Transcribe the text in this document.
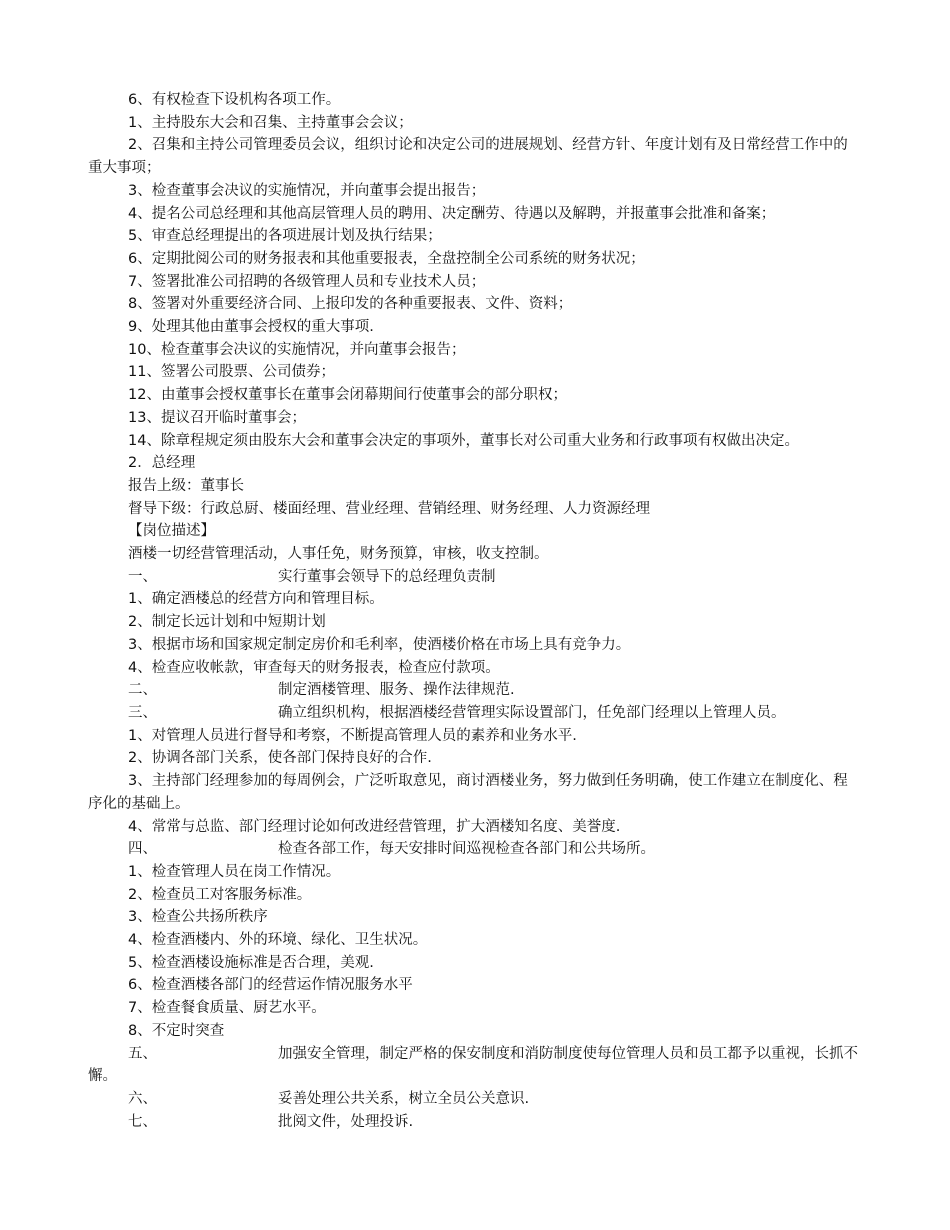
6、有权检查下设机构各项工作。

1、主持股东大会和召集、主持董事会会议；

2、召集和主持公司管理委员会议，组织讨论和决定公司的进展规划、经营方针、年度计划有及日常经营工作中的重大事项；

3、检查董事会决议的实施情况，并向董事会提出报告；

4、提名公司总经理和其他高层管理人员的聘用、决定酬劳、待遇以及解聘，并报董事会批准和备案；

5、审查总经理提出的各项进展计划及执行结果；

6、定期批阅公司的财务报表和其他重要报表，全盘控制全公司系统的财务状况；

7、签署批准公司招聘的各级管理人员和专业技术人员；

8、签署对外重要经济合同、上报印发的各种重要报表、文件、资料；

9、处理其他由董事会授权的重大事项.

10、检查董事会决议的实施情况，并向董事会报告；

11、签署公司股票、公司债券；

12、由董事会授权董事长在董事会闭幕期间行使董事会的部分职权；

13、提议召开临时董事会；

14、除章程规定须由股东大会和董事会决定的事项外，董事长对公司重大业务和行政事项有权做出决定。

2．总经理

报告上级：董事长

督导下级：行政总厨、楼面经理、营业经理、营销经理、财务经理、人力资源经理

【岗位描述】

酒楼一切经营管理活动，人事任免，财务预算，审核，收支控制。

一、	实行董事会领导下的总经理负责制

1、确定酒楼总的经营方向和管理目标。

2、制定长远计划和中短期计划

3、根据市场和国家规定制定房价和毛利率，使酒楼价格在市场上具有竞争力。

4、检查应收帐款，审查每天的财务报表，检查应付款项。

二、	制定酒楼管理、服务、操作法律规范.

三、	确立组织机构，根据酒楼经营管理实际设置部门，任免部门经理以上管理人员。

1、对管理人员进行督导和考察，不断提高管理人员的素养和业务水平.

2、协调各部门关系，使各部门保持良好的合作.

3、主持部门经理参加的每周例会，广泛听取意见，商讨酒楼业务，努力做到任务明确，使工作建立在制度化、程序化的基础上。

4、常常与总监、部门经理讨论如何改进经营管理，扩大酒楼知名度、美誉度.

四、	检查各部工作，每天安排时间巡视检查各部门和公共场所。

1、检查管理人员在岗工作情况。

2、检查员工对客服务标准。

3、检查公共扬所秩序

4、检查酒楼内、外的环境、绿化、卫生状况。

5、检查酒楼设施标准是否合理，美观.

6、检查酒楼各部门的经营运作情况服务水平

7、检查餐食质量、厨艺水平。

8、不定时突查

五、	加强安全管理，制定严格的保安制度和消防制度使每位管理人员和员工都予以重视，长抓不懈。

六、	妥善处理公共关系，树立全员公关意识.

七、	批阅文件，处理投诉.
